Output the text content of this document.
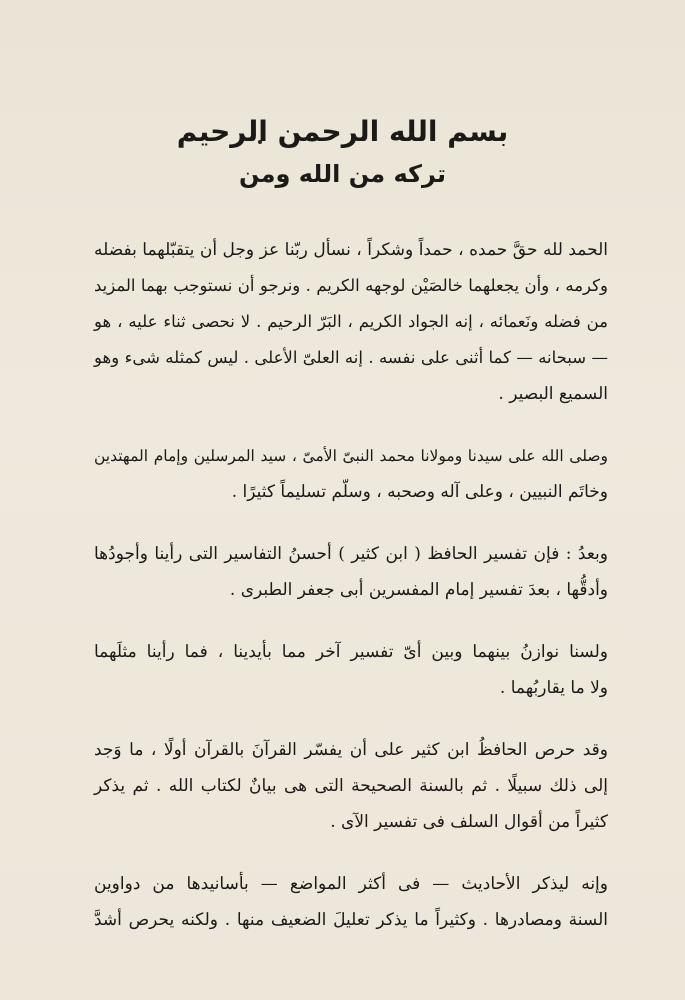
بسم الله الرحمن الرحيم
تركه من الله ومن
الحمد لله حقَّ حمده ، حمداً وشكراً ، نسأل ربّنا عز وجل أن يتقبّلهما بفضله
وكرمه ، وأن يجعلهما خالصَيْن لوجهه الكريم . ونرجو أن نستوجب بهما المزيد
من فضله ونَعمائه ، إنه الجواد الكريم ، البَرّ الرحيم . لا نحصى ثناء عليه ، هو
— سبحانه — كما أثنى على نفسه . إنه العلىّ الأعلى . ليس كمثله شىء وهو
السميع البصير .
وصلى الله على سيدنا ومولانا محمد النبىّ الأمىّ ، سيد المرسلين وإمام المهتدين
وخاتَم النبيين ، وعلى آله وصحبه ، وسلّم تسليماً كثيرًا .
وبعدُ : فإن تفسير الحافظ ( ابن كثير ) أحسنُ التفاسير التى رأينا وأجودُها
وأدقُّها ، بعدَ تفسير إمام المفسرين أبى جعفر الطبرى .
ولسنا نوازنُ بينهما وبين أىّ تفسير آخر مما بأيدينا ، فما رأينا مثلَهما
ولا ما يقاربُهما .
وقد حرص الحافظُ ابن كثير على أن يفسّر القرآنَ بالقرآن أولًا ، ما وَجد
إلى ذلك سبيلًا . ثم بالسنة الصحيحة التى هى بيانٌ لكتاب الله . ثم يذكر
كثيراً من أقوال السلف فى تفسير الآى .
وإنه ليذكر الأحاديث — فى أكثر المواضع — بأسانيدها من دواوين
السنة ومصادرها . وكثيراً ما يذكر تعليلَ الضعيف منها . ولكنه يحرص أشدَّ
